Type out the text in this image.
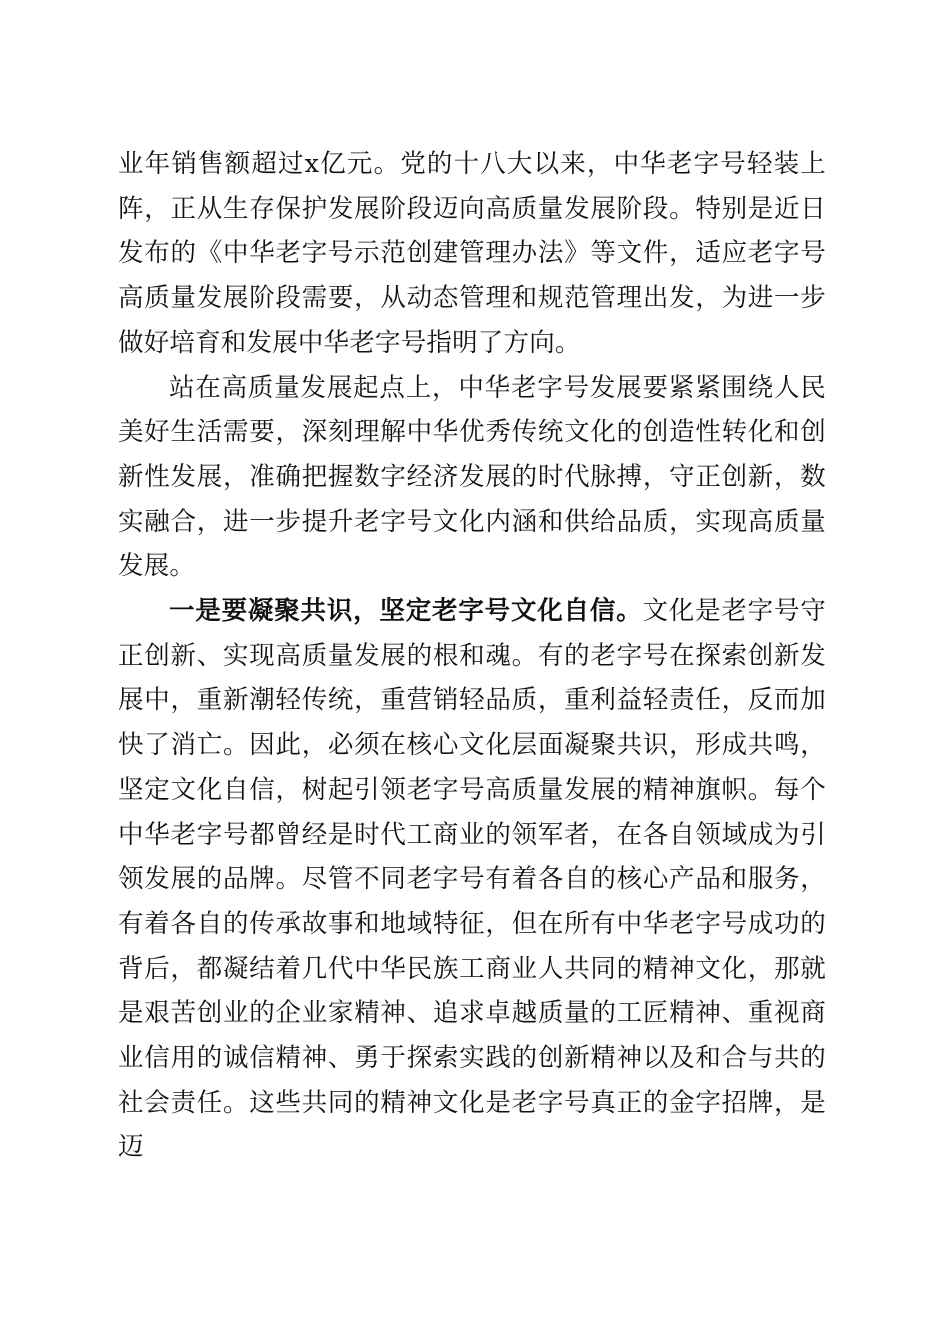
业年销售额超过x亿元。党的十八大以来，中华老字号轻装上阵，正从生存保护发展阶段迈向高质量发展阶段。特别是近日发布的《中华老字号示范创建管理办法》等文件，适应老字号高质量发展阶段需要，从动态管理和规范管理出发，为进一步做好培育和发展中华老字号指明了方向。

站在高质量发展起点上，中华老字号发展要紧紧围绕人民美好生活需要，深刻理解中华优秀传统文化的创造性转化和创新性发展，准确把握数字经济发展的时代脉搏，守正创新，数实融合，进一步提升老字号文化内涵和供给品质，实现高质量发展。

一是要凝聚共识，坚定老字号文化自信。文化是老字号守正创新、实现高质量发展的根和魂。有的老字号在探索创新发展中，重新潮轻传统，重营销轻品质，重利益轻责任，反而加快了消亡。因此，必须在核心文化层面凝聚共识，形成共鸣，坚定文化自信，树起引领老字号高质量发展的精神旗帜。每个中华老字号都曾经是时代工商业的领军者，在各自领域成为引领发展的品牌。尽管不同老字号有着各自的核心产品和服务，有着各自的传承故事和地域特征，但在所有中华老字号成功的背后，都凝结着几代中华民族工商业人共同的精神文化，那就是艰苦创业的企业家精神、追求卓越质量的工匠精神、重视商业信用的诚信精神、勇于探索实践的创新精神以及和合与共的社会责任。这些共同的精神文化是老字号真正的金字招牌，是迈
